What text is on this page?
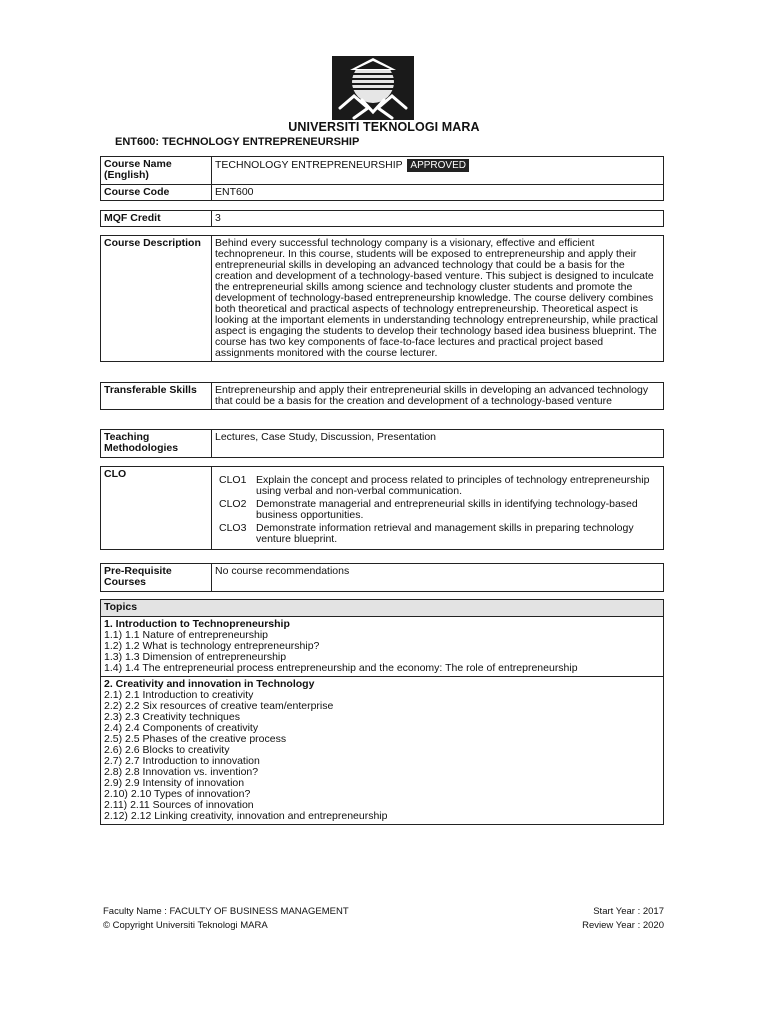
UNIVERSITI TEKNOLOGI MARA
ENT600: TECHNOLOGY ENTREPRENEURSHIP
Course Name (English)	TECHNOLOGY ENTREPRENEURSHIP APPROVED
Course Code	ENT600
MQF Credit	3
Course Description	Behind every successful technology company is a visionary, effective and efficient technopreneur. In this course, students will be exposed to entrepreneurship and apply their entrepreneurial skills in developing an advanced technology that could be a basis for the creation and development of a technology-based venture. This subject is designed to inculcate the entrepreneurial skills among science and technology cluster students and promote the development of technology-based entrepreneurship knowledge. The course delivery combines both theoretical and practical aspects of technology entrepreneurship. Theoretical aspect is looking at the important elements in understanding technology entrepreneurship, while practical aspect is engaging the students to develop their technology based idea business blueprint. The course has two key components of face-to-face lectures and practical project based assignments monitored with the course lecturer.
Transferable Skills	Entrepreneurship and apply their entrepreneurial skills in developing an advanced technology that could be a basis for the creation and development of a technology-based venture
Teaching Methodologies	Lectures, Case Study, Discussion, Presentation
CLO	CLO1 Explain the concept and process related to principles of technology entrepreneurship using verbal and non-verbal communication.
CLO2 Demonstrate managerial and entrepreneurial skills in identifying technology-based business opportunities.
CLO3 Demonstrate information retrieval and management skills in preparing technology venture blueprint.
Pre-Requisite Courses	No course recommendations
Topics

1. Introduction to Technopreneurship
1.1) 1.1 Nature of entrepreneurship
1.2) 1.2 What is technology entrepreneurship?
1.3) 1.3 Dimension of entrepreneurship
1.4) 1.4 The entrepreneurial process entrepreneurship and the economy: The role of entrepreneurship

2. Creativity and innovation in Technology
2.1) 2.1 Introduction to creativity
2.2) 2.2 Six resources of creative team/enterprise
2.3) 2.3 Creativity techniques
2.4) 2.4 Components of creativity
2.5) 2.5 Phases of the creative process
2.6) 2.6 Blocks to creativity
2.7) 2.7 Introduction to innovation
2.8) 2.8 Innovation vs. invention?
2.9) 2.9 Intensity of innovation
2.10) 2.10 Types of innovation?
2.11) 2.11 Sources of innovation
2.12) 2.12 Linking creativity, innovation and entrepreneurship
Faculty Name : FACULTY OF BUSINESS MANAGEMENT	Start Year : 2017
© Copyright Universiti Teknologi MARA	Review Year : 2020
